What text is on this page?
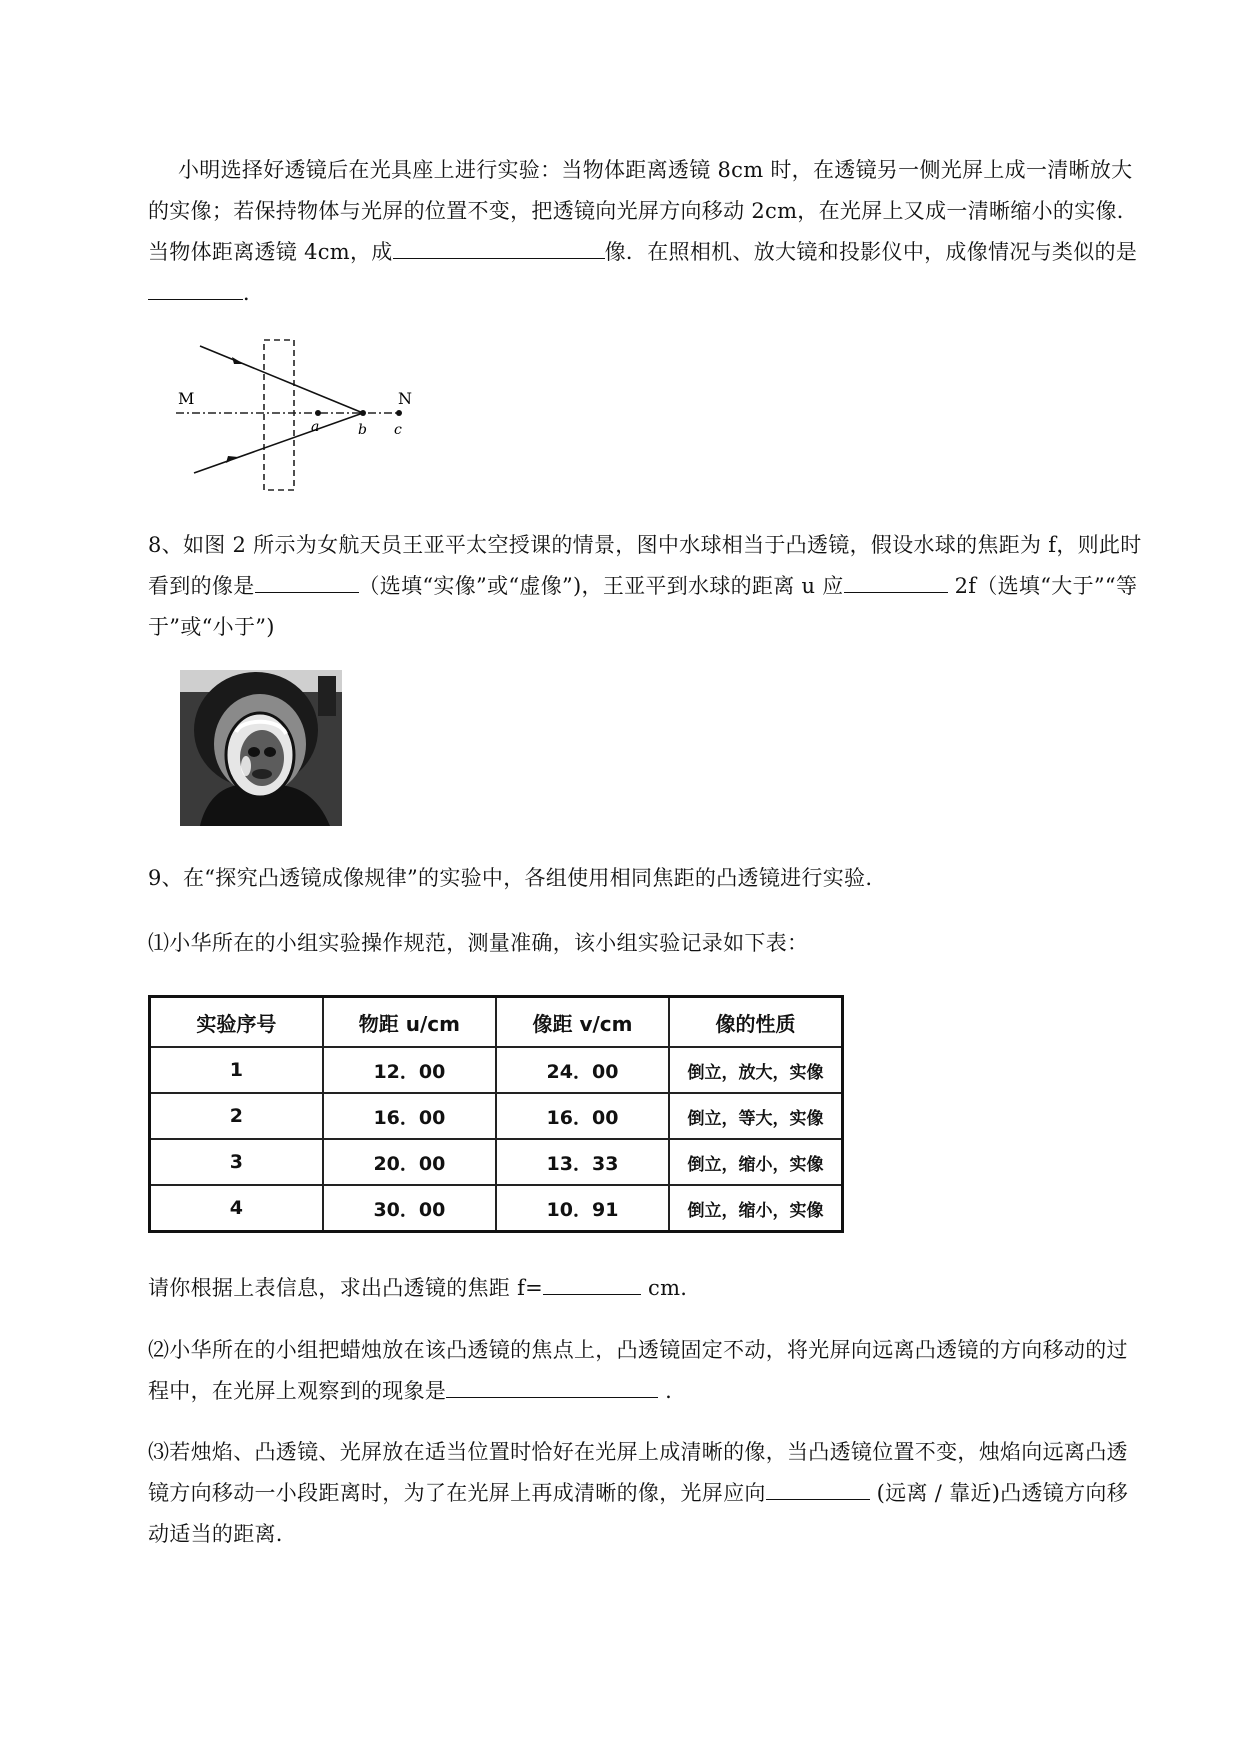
小明选择好透镜后在光具座上进行实验：当物体距离透镜 8cm 时，在透镜另一侧光屏上成一清晰放大的实像；若保持物体与光屏的位置不变，把透镜向光屏方向移动 2cm，在光屏上又成一清晰缩小的实像．当物体距离透镜 4cm，成	像．在照相机、放大镜和投影仪中，成像情况与类似的是．
M	N
a	b c
8、如图 2 所示为女航天员王亚平太空授课的情景，图中水球相当于凸透镜，假设水球的焦距为 f，则此时看到的像是	（选填“实像”或“虚像”)，王亚平到水球的距离 u 应	2f（选填“大于”“等于”或“小于”)
9、在“探究凸透镜成像规律”的实验中，各组使用相同焦距的凸透镜进行实验.
⑴小华所在的小组实验操作规范，测量准确，该小组实验记录如下表：
实验序号	物距 u/cm	像距 v/cm	像的性质
1	12．00	24．00	倒立，放大，实像
2	16．00	16．00	倒立，等大，实像
3	20．00	13．33	倒立，缩小，实像
4	30．00	10．91	倒立，缩小，实像
请你根据上表信息，求出凸透镜的焦距 f=	cm.
⑵小华所在的小组把蜡烛放在该凸透镜的焦点上，凸透镜固定不动，将光屏向远离凸透镜的方向移动的过程中，在光屏上观察到的现象是	.
⑶若烛焰、凸透镜、光屏放在适当位置时恰好在光屏上成清晰的像，当凸透镜位置不变，烛焰向远离凸透镜方向移动一小段距离时，为了在光屏上再成清晰的像，光屏应向	(远离 / 靠近)凸透镜方向移动适当的距离.
